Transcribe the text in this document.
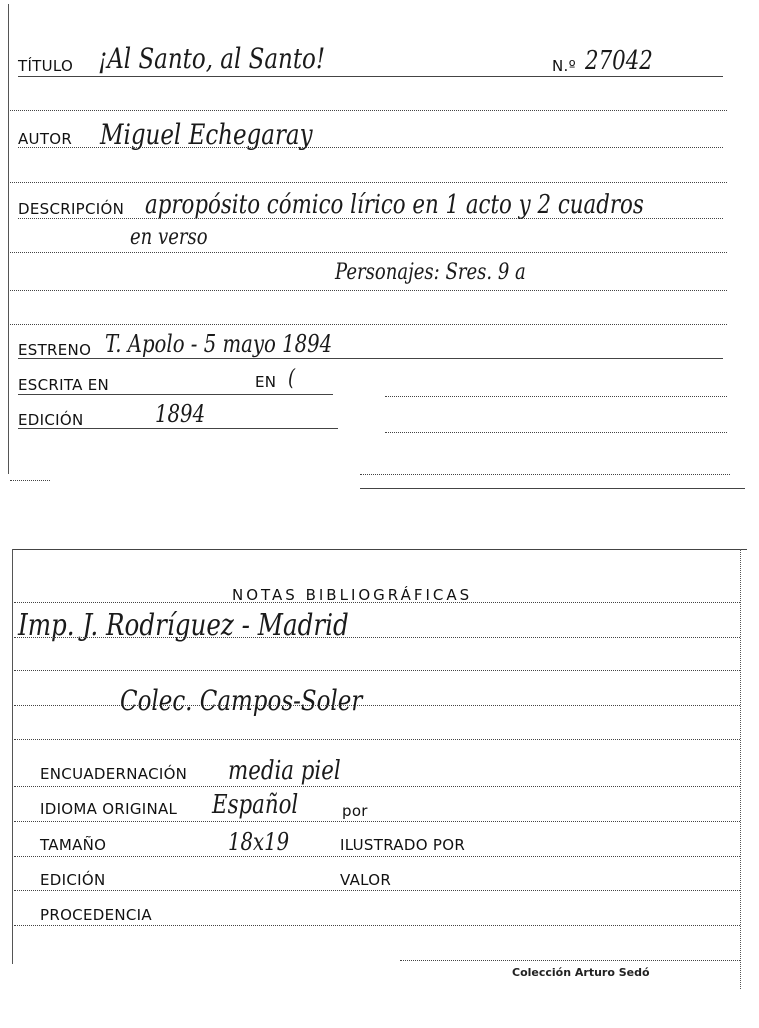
TÍTULO ¡Al Santo, al Santo!	N.º 27042
AUTOR Miguel Echegaray
DESCRIPCIÓN apropósito cómico lírico en 1 acto y 2 cuadros
en verso
Personajes: Sres. 9 a
ESTRENO T. Apolo - 5 mayo 1894
ESCRITA EN	EN (
EDICIÓN	1894
NOTAS BIBLIOGRÁFICAS
Imp. J. Rodríguez - Madrid
Colec. Campos-Soler
ENCUADERNACIÓN media piel
IDIOMA ORIGINAL Español	por
TAMAÑO	18x19	ILUSTRADO POR
EDICIÓN	VALOR
PROCEDENCIA
Colección Arturo Sedó
